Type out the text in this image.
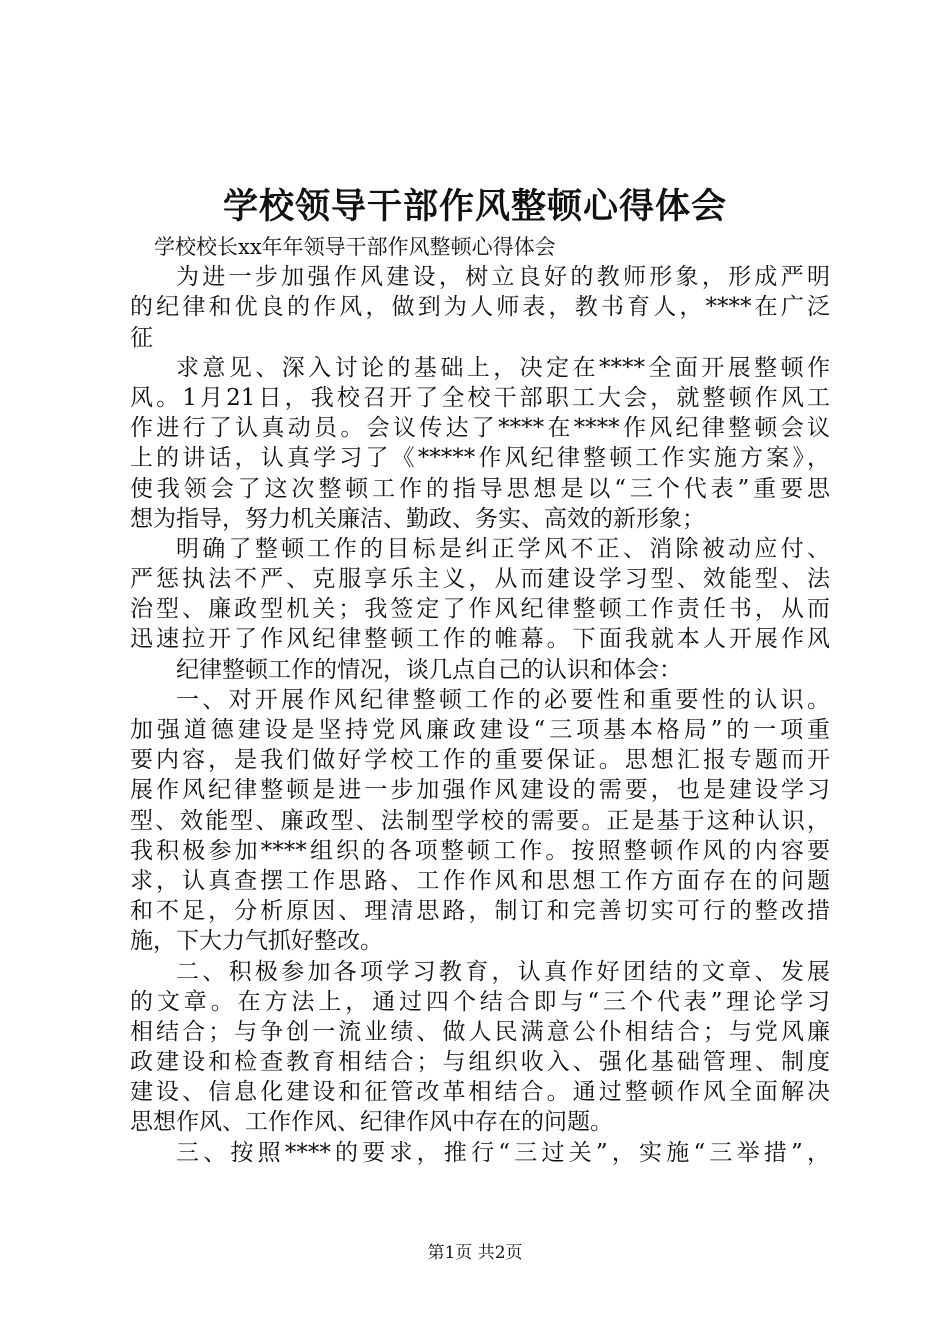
学校领导干部作风整顿心得体会
学校校长xx年年领导干部作风整顿心得体会
为进一步加强作风建设，树立良好的教师形象，形成严明
的纪律和优良的作风，做到为人师表，教书育人，****在广泛
征
求意见、深入讨论的基础上，决定在****全面开展整顿作
风。1月21日，我校召开了全校干部职工大会，就整顿作风工
作进行了认真动员。会议传达了****在****作风纪律整顿会议
上的讲话，认真学习了《*****作风纪律整顿工作实施方案》，
使我领会了这次整顿工作的指导思想是以“三个代表”重要思
想为指导，努力机关廉洁、勤政、务实、高效的新形象；
明确了整顿工作的目标是纠正学风不正、消除被动应付、
严惩执法不严、克服享乐主义，从而建设学习型、效能型、法
治型、廉政型机关；我签定了作风纪律整顿工作责任书，从而
迅速拉开了作风纪律整顿工作的帷幕。下面我就本人开展作风
纪律整顿工作的情况，谈几点自己的认识和体会：
一、对开展作风纪律整顿工作的必要性和重要性的认识。
加强道德建设是坚持党风廉政建设“三项基本格局”的一项重
要内容，是我们做好学校工作的重要保证。思想汇报专题而开
展作风纪律整顿是进一步加强作风建设的需要，也是建设学习
型、效能型、廉政型、法制型学校的需要。正是基于这种认识，
我积极参加****组织的各项整顿工作。按照整顿作风的内容要
求，认真查摆工作思路、工作作风和思想工作方面存在的问题
和不足，分析原因、理清思路，制订和完善切实可行的整改措
施，下大力气抓好整改。
二、积极参加各项学习教育，认真作好团结的文章、发展
的文章。在方法上，通过四个结合即与“三个代表”理论学习
相结合；与争创一流业绩、做人民满意公仆相结合；与党风廉
政建设和检查教育相结合；与组织收入、强化基础管理、制度
建设、信息化建设和征管改革相结合。通过整顿作风全面解决
思想作风、工作作风、纪律作风中存在的问题。
三、按照****的要求，推行“三过关”，实施“三举措”，
第1页 共2页
